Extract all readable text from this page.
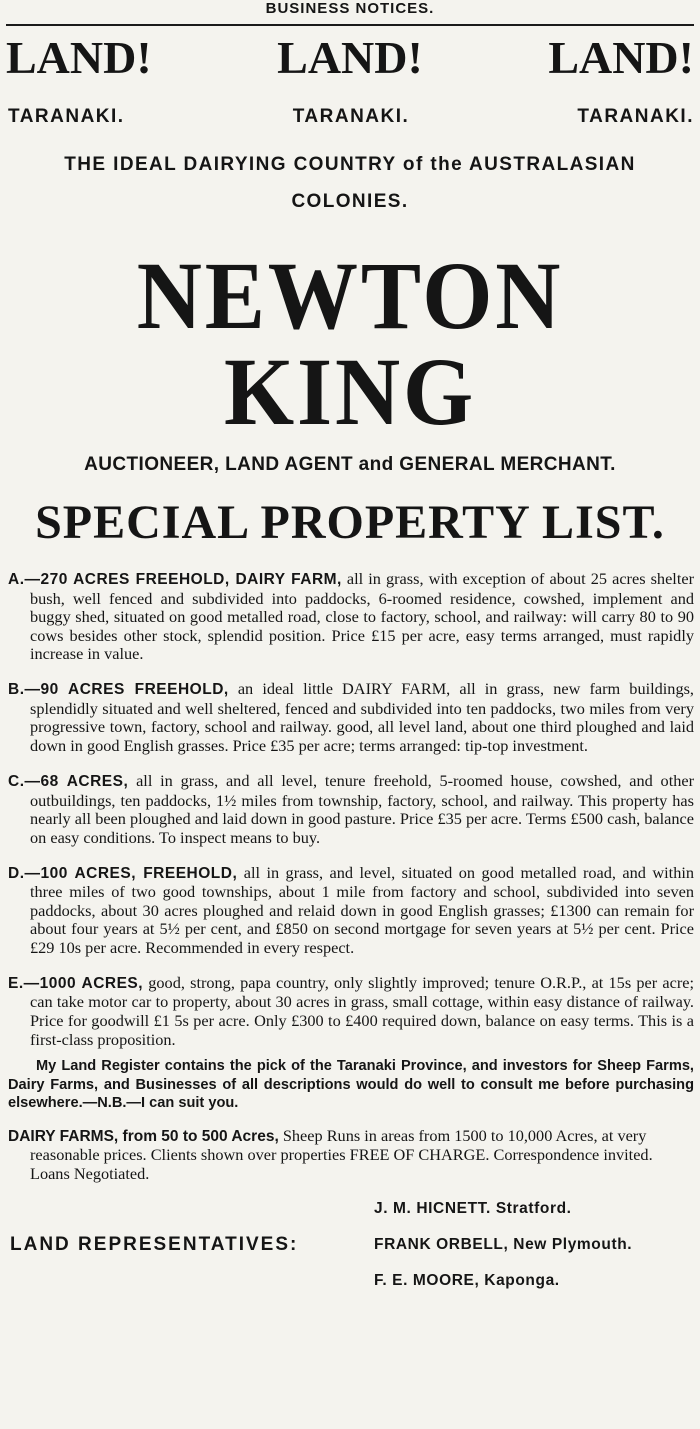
BUSINESS NOTICES.
LAND!	LAND!	LAND!
TARANAKI.	TARANAKI.	TARANAKI.
THE IDEAL DAIRYING COUNTRY of the AUSTRALASIAN COLONIES.
NEWTON KING
AUCTIONEER, LAND AGENT and GENERAL MERCHANT.
SPECIAL PROPERTY LIST.

A.—270 ACRES FREEHOLD, DAIRY FARM, all in grass, with exception of about 25 acres shelter bush, well fenced and subdivided into paddocks, 6-roomed residence, cowshed, implement and buggy shed, situated on good metalled road, close to factory, school, and railway: will carry 80 to 90 cows besides other stock, splendid position. Price £15 per acre, easy terms arranged, must rapidly increase in value.

B.—90 ACRES FREEHOLD, an ideal little DAIRY FARM, all in grass, new farm buildings, splendidly situated and well sheltered, fenced and subdivided into ten paddocks, two miles from very progressive town, factory, school and railway. good, all level land, about one third ploughed and laid down in good English grasses. Price £35 per acre; terms arranged: tip-top investment.

C.—68 ACRES, all in grass, and all level, tenure freehold, 5-roomed house, cowshed, and other outbuildings, ten paddocks, 1½ miles from township, factory, school, and railway. This property has nearly all been ploughed and laid down in good pasture. Price £35 per acre. Terms £500 cash, balance on easy conditions. To inspect means to buy.

D.—100 ACRES, FREEHOLD, all in grass, and level, situated on good metalled road, and within three miles of two good townships, about 1 mile from factory and school, subdivided into seven paddocks, about 30 acres ploughed and relaid down in good English grasses; £1300 can remain for about four years at 5½ per cent, and £850 on second mortgage for seven years at 5½ per cent. Price £29 10s per acre. Recommended in every respect.

E.—1000 ACRES, good, strong, papa country, only slightly improved; tenure O.R.P., at 15s per acre; can take motor car to property, about 30 acres in grass, small cottage, within easy distance of railway. Price for goodwill £1 5s per acre. Only £300 to £400 required down, balance on easy terms. This is a first-class proposition.

My Land Register contains the pick of the Taranaki Province, and investors for Sheep Farms, Dairy Farms, and Businesses of all descriptions would do well to consult me before purchasing elsewhere.—N.B.—I can suit you.

DAIRY FARMS, from 50 to 500 Acres, Sheep Runs in areas from 1500 to 10,000 Acres, at very reasonable prices. Clients shown over properties FREE OF CHARGE. Correspondence invited. Loans Negotiated.

LAND REPRESENTATIVES:
J. M. HICNETT. Stratford.
FRANK ORBELL, New Plymouth.
F. E. MOORE, Kaponga.
